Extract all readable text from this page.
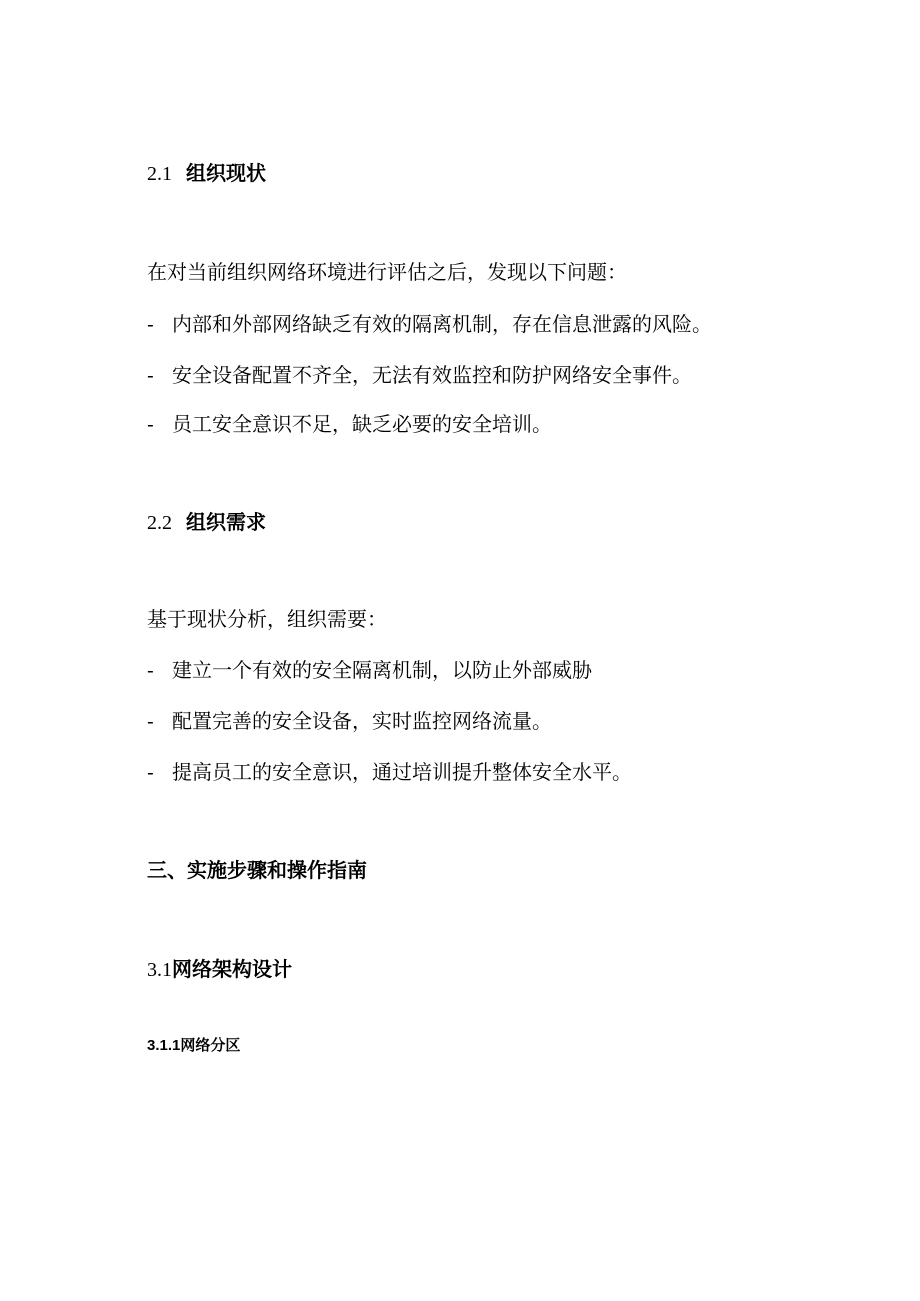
2.1 组织现状
在对当前组织网络环境进行评估之后，发现以下问题：
- 内部和外部网络缺乏有效的隔离机制，存在信息泄露的风险。
- 安全设备配置不齐全，无法有效监控和防护网络安全事件。
- 员工安全意识不足，缺乏必要的安全培训。
2.2 组织需求
基于现状分析，组织需要：
- 建立一个有效的安全隔离机制，以防止外部威胁
- 配置完善的安全设备，实时监控网络流量。
- 提高员工的安全意识，通过培训提升整体安全水平。
三、实施步骤和操作指南
3.1网络架构设计
3.1.1网络分区
